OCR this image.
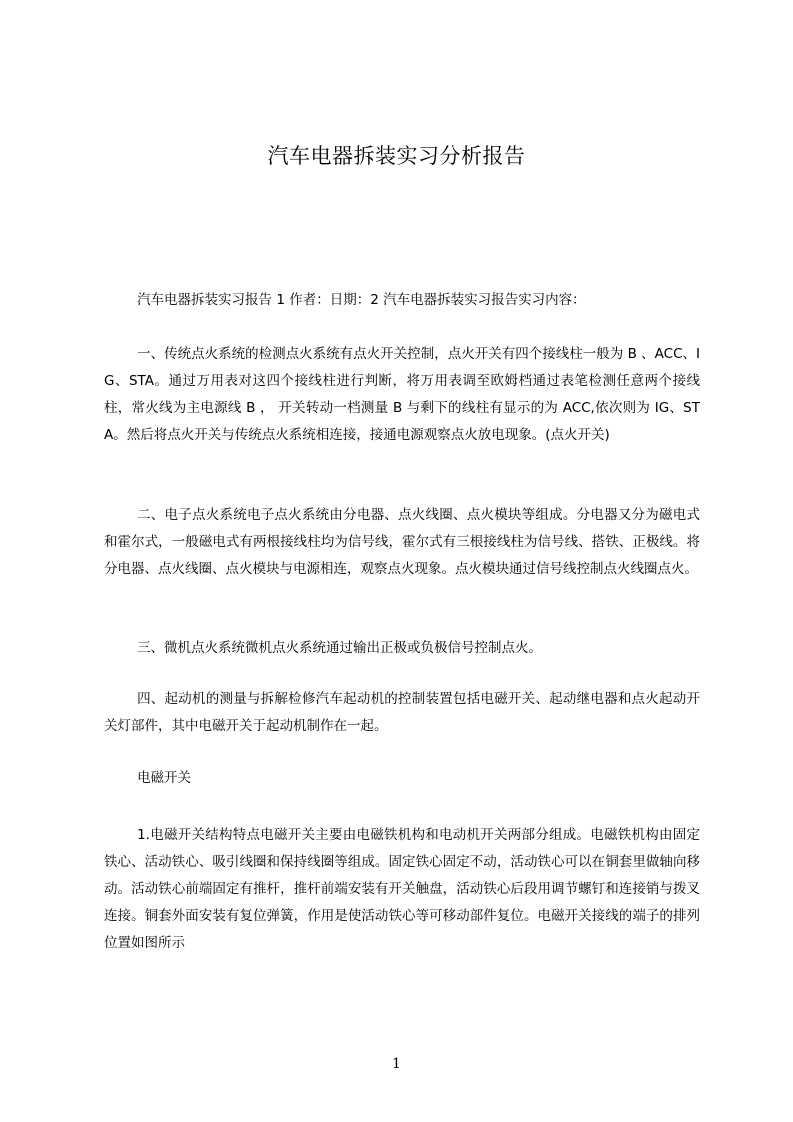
汽车电器拆装实习分析报告
汽车电器拆装实习报告 1 作者：日期：2 汽车电器拆装实习报告实习内容：
一、传统点火系统的检测点火系统有点火开关控制，点火开关有四个接线柱一般为 B 、ACC、IG、STA。通过万用表对这四个接线柱进行判断，将万用表调至欧姆档通过表笔检测任意两个接线柱，常火线为主电源线 B ， 开关转动一档测量 B 与剩下的线柱有显示的为 ACC,依次则为 IG、STA。然后将点火开关与传统点火系统相连接，接通电源观察点火放电现象。(点火开关)
二、电子点火系统电子点火系统由分电器、点火线圈、点火模块等组成。分电器又分为磁电式和霍尔式，一般磁电式有两根接线柱均为信号线，霍尔式有三根接线柱为信号线、搭铁、正极线。将分电器、点火线圈、点火模块与电源相连，观察点火现象。点火模块通过信号线控制点火线圈点火。
三、微机点火系统微机点火系统通过输出正极或负极信号控制点火。
四、起动机的测量与拆解检修汽车起动机的控制装置包括电磁开关、起动继电器和点火起动开关灯部件，其中电磁开关于起动机制作在一起。
电磁开关
1.电磁开关结构特点电磁开关主要由电磁铁机构和电动机开关两部分组成。电磁铁机构由固定铁心、活动铁心、吸引线圈和保持线圈等组成。固定铁心固定不动，活动铁心可以在铜套里做轴向移动。活动铁心前端固定有推杆，推杆前端安装有开关触盘，活动铁心后段用调节螺钉和连接销与拨叉连接。铜套外面安装有复位弹簧，作用是使活动铁心等可移动部件复位。电磁开关接线的端子的排列位置如图所示
1
